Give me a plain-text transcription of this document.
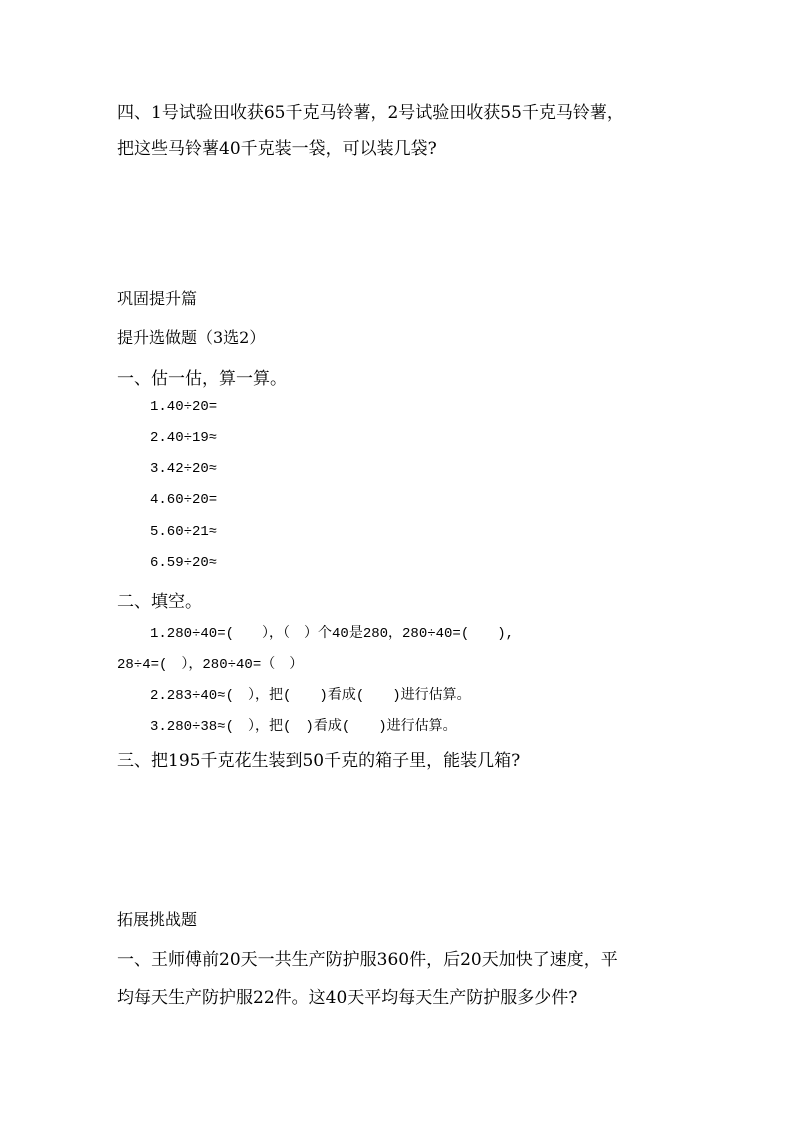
四、1号试验田收获65千克马铃薯，2号试验田收获55千克马铃薯，
把这些马铃薯40千克装一袋，可以装几袋?
巩固提升篇
提升选做题（3选2）
一、估一估，算一算。
1.40÷20=
2.40÷19≈
3.42÷20≈
4.60÷20=
5.60÷21≈
6.59÷20≈
二、填空。
1.280÷40=(　　），（　）个40是280，280÷40=(　　),
28÷4=(　），280÷40=（　）
2.283÷40≈(　），把(　　)看成(　　)进行估算。
3.280÷38≈(　），把(　)看成(　　)进行估算。
三、把195千克花生装到50千克的箱子里，能装几箱?
拓展挑战题
一、王师傅前20天一共生产防护服360件，后20天加快了速度，平
均每天生产防护服22件。这40天平均每天生产防护服多少件?
